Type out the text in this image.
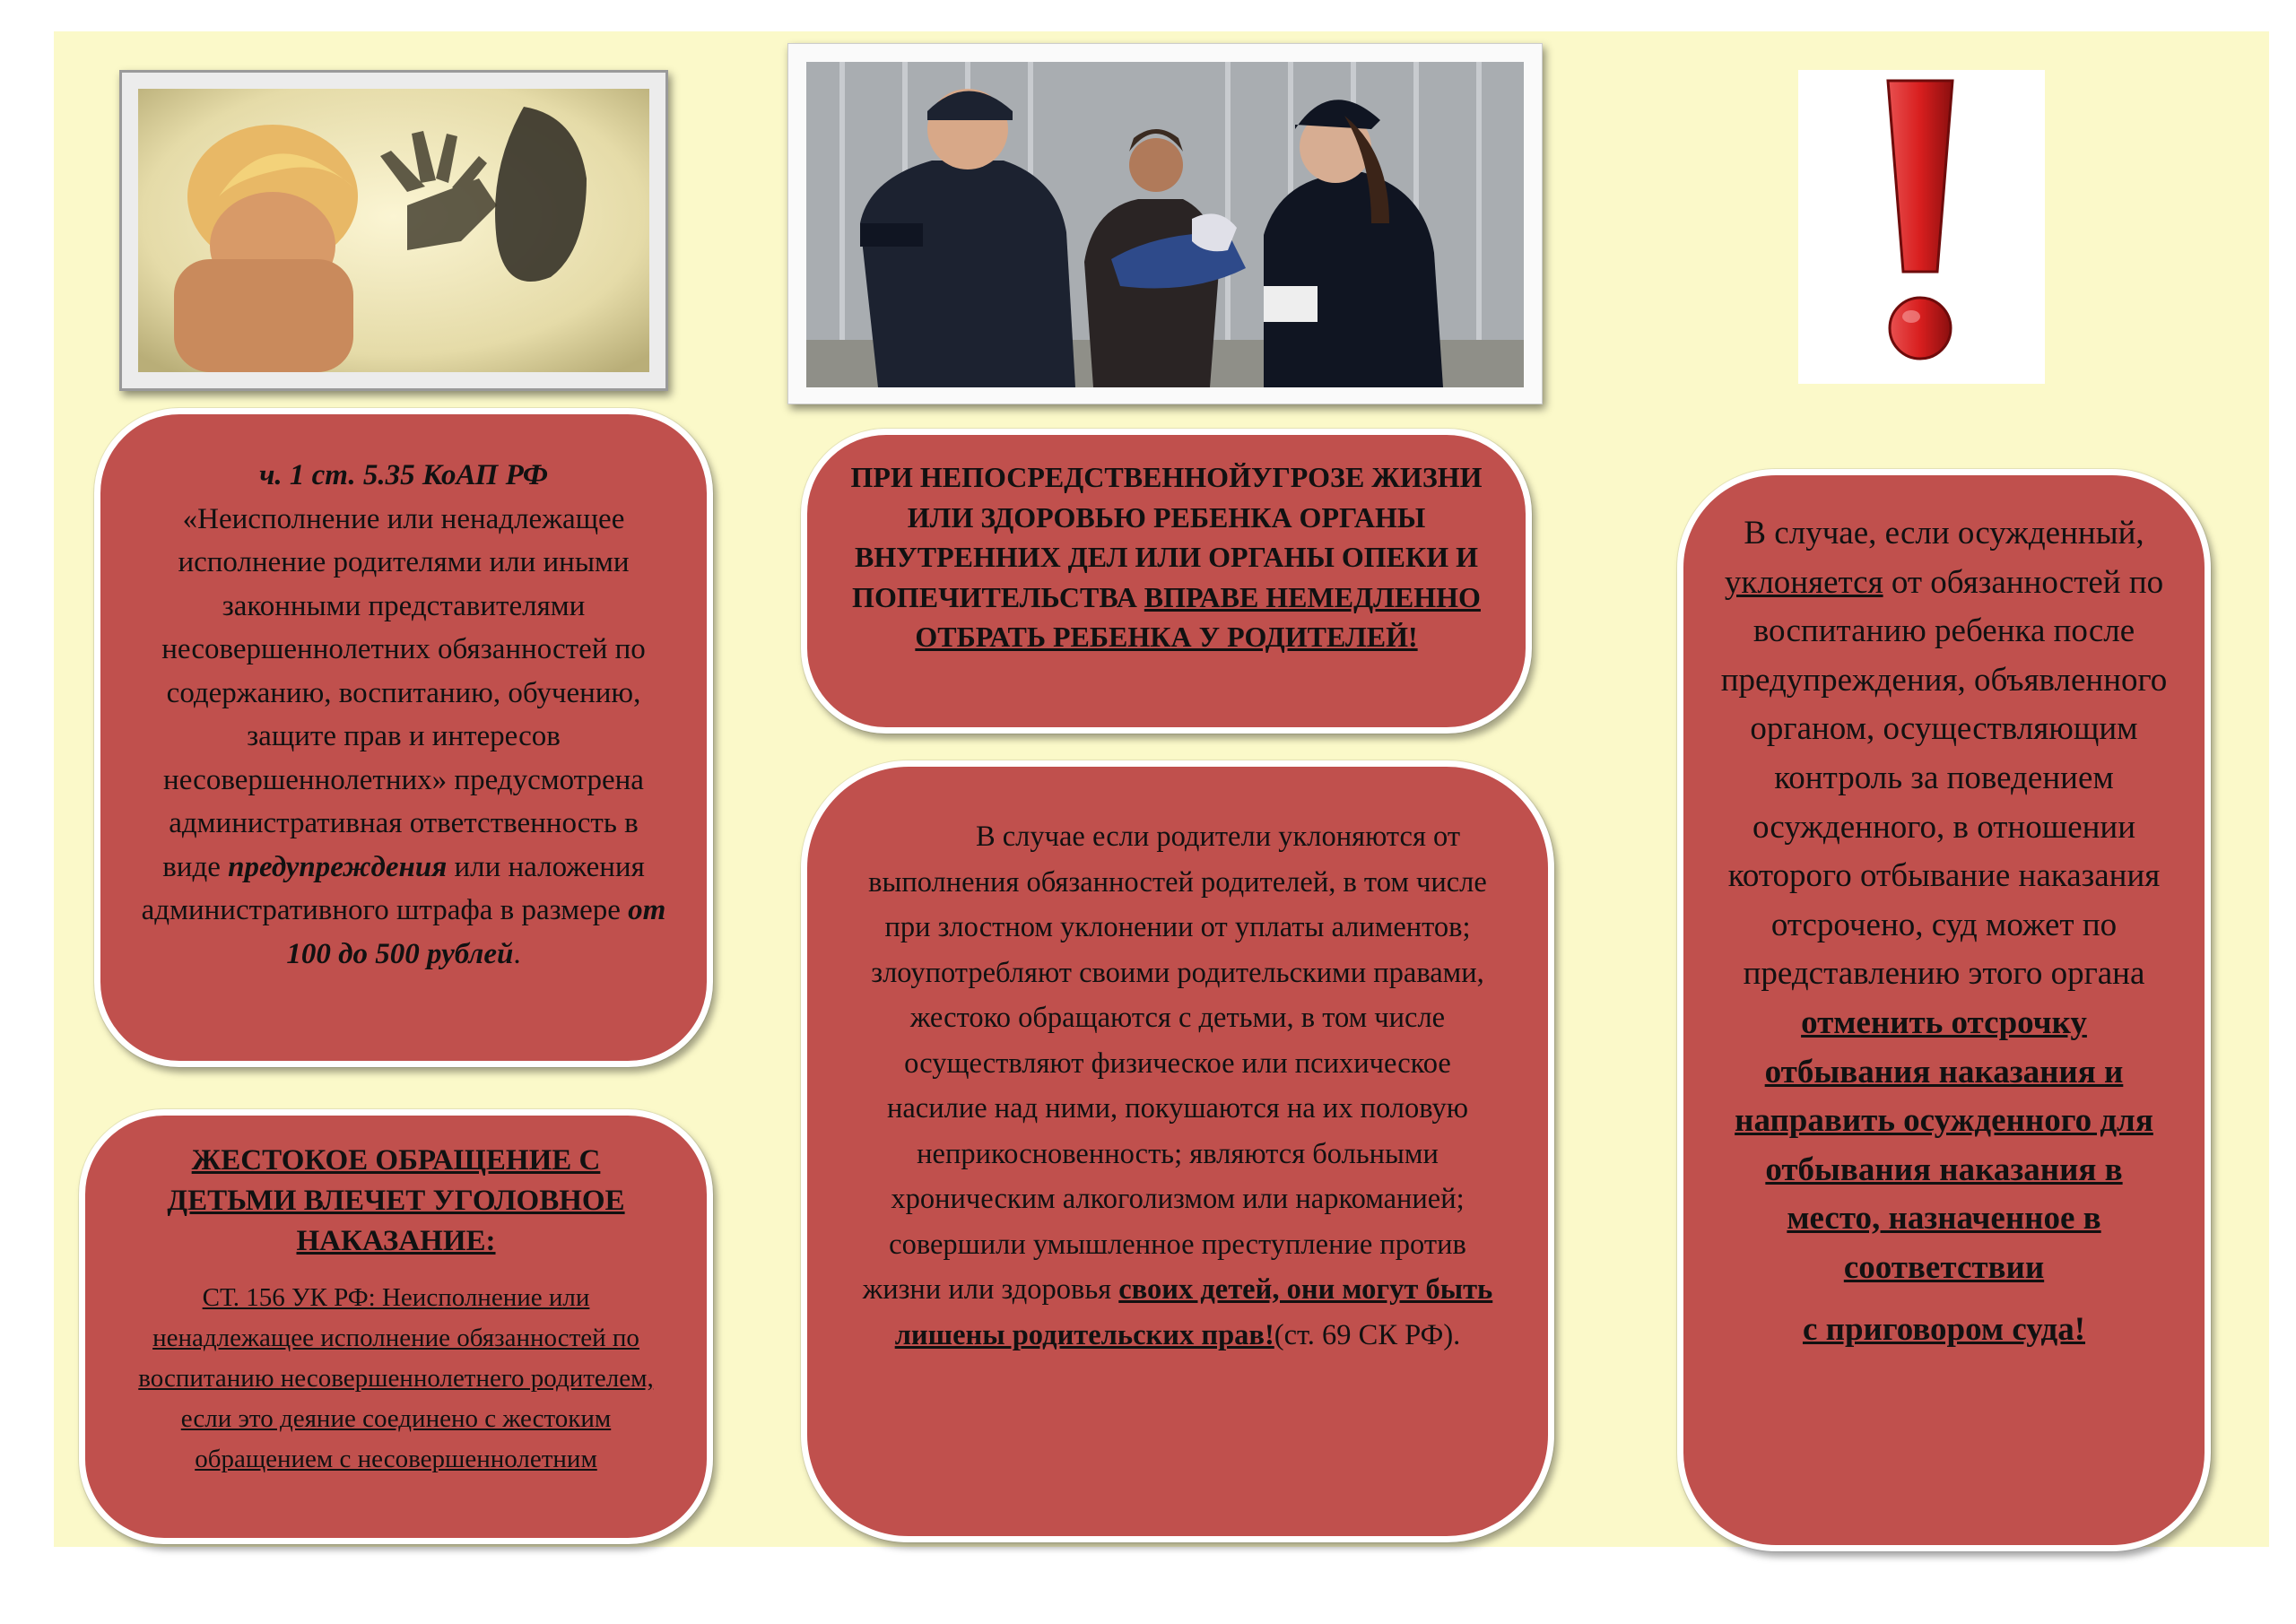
ч. 1 ст. 5.35 КоАП РФ
«Неисполнение или ненадлежащее исполнение родителями или иными законными представителями несовершеннолетних обязанностей по содержанию, воспитанию, обучению, защите прав и интересов несовершеннолетних» предусмотрена административная ответственность в виде предупреждения или наложения административного штрафа в размере от 100 до 500 рублей.
ЖЕСТОКОЕ ОБРАЩЕНИЕ С ДЕТЬМИ ВЛЕЧЕТ УГОЛОВНОЕ НАКАЗАНИЕ:
СТ. 156 УК РФ: Неисполнение или ненадлежащее исполнение обязанностей по воспитанию несовершеннолетнего родителем, если это деяние соединено с жестоким обращением с несовершеннолетним
ПРИ НЕПОСРЕДСТВЕННОЙУГРОЗЕ ЖИЗНИ ИЛИ ЗДОРОВЬЮ РЕБЕНКА ОРГАНЫ ВНУТРЕННИХ ДЕЛ ИЛИ ОРГАНЫ ОПЕКИ И ПОПЕЧИТЕЛЬСТВА ВПРАВЕ НЕМЕДЛЕННО ОТБРАТЬ РЕБЕНКА У РОДИТЕЛЕЙ!
В случае если родители уклоняются от выполнения обязанностей родителей, в том числе при злостном уклонении от уплаты алиментов; злоупотребляют своими родительскими правами, жестоко обращаются с детьми, в том числе осуществляют физическое или психическое насилие над ними, покушаются на их половую неприкосновенность; являются больными хроническим алкоголизмом или наркоманией; совершили умышленное преступление против жизни или здоровья своих детей, они могут быть лишены родительских прав!(ст. 69 СК РФ).
В случае, если осужденный, уклоняется от обязанностей по воспитанию ребенка после предупреждения, объявленного органом, осуществляющим контроль за поведением осужденного, в отношении которого отбывание наказания отсрочено, суд может по представлению этого органа отменить отсрочку отбывания наказания и направить осужденного для отбывания наказания в место, назначенное в соответствии
с приговором суда!
